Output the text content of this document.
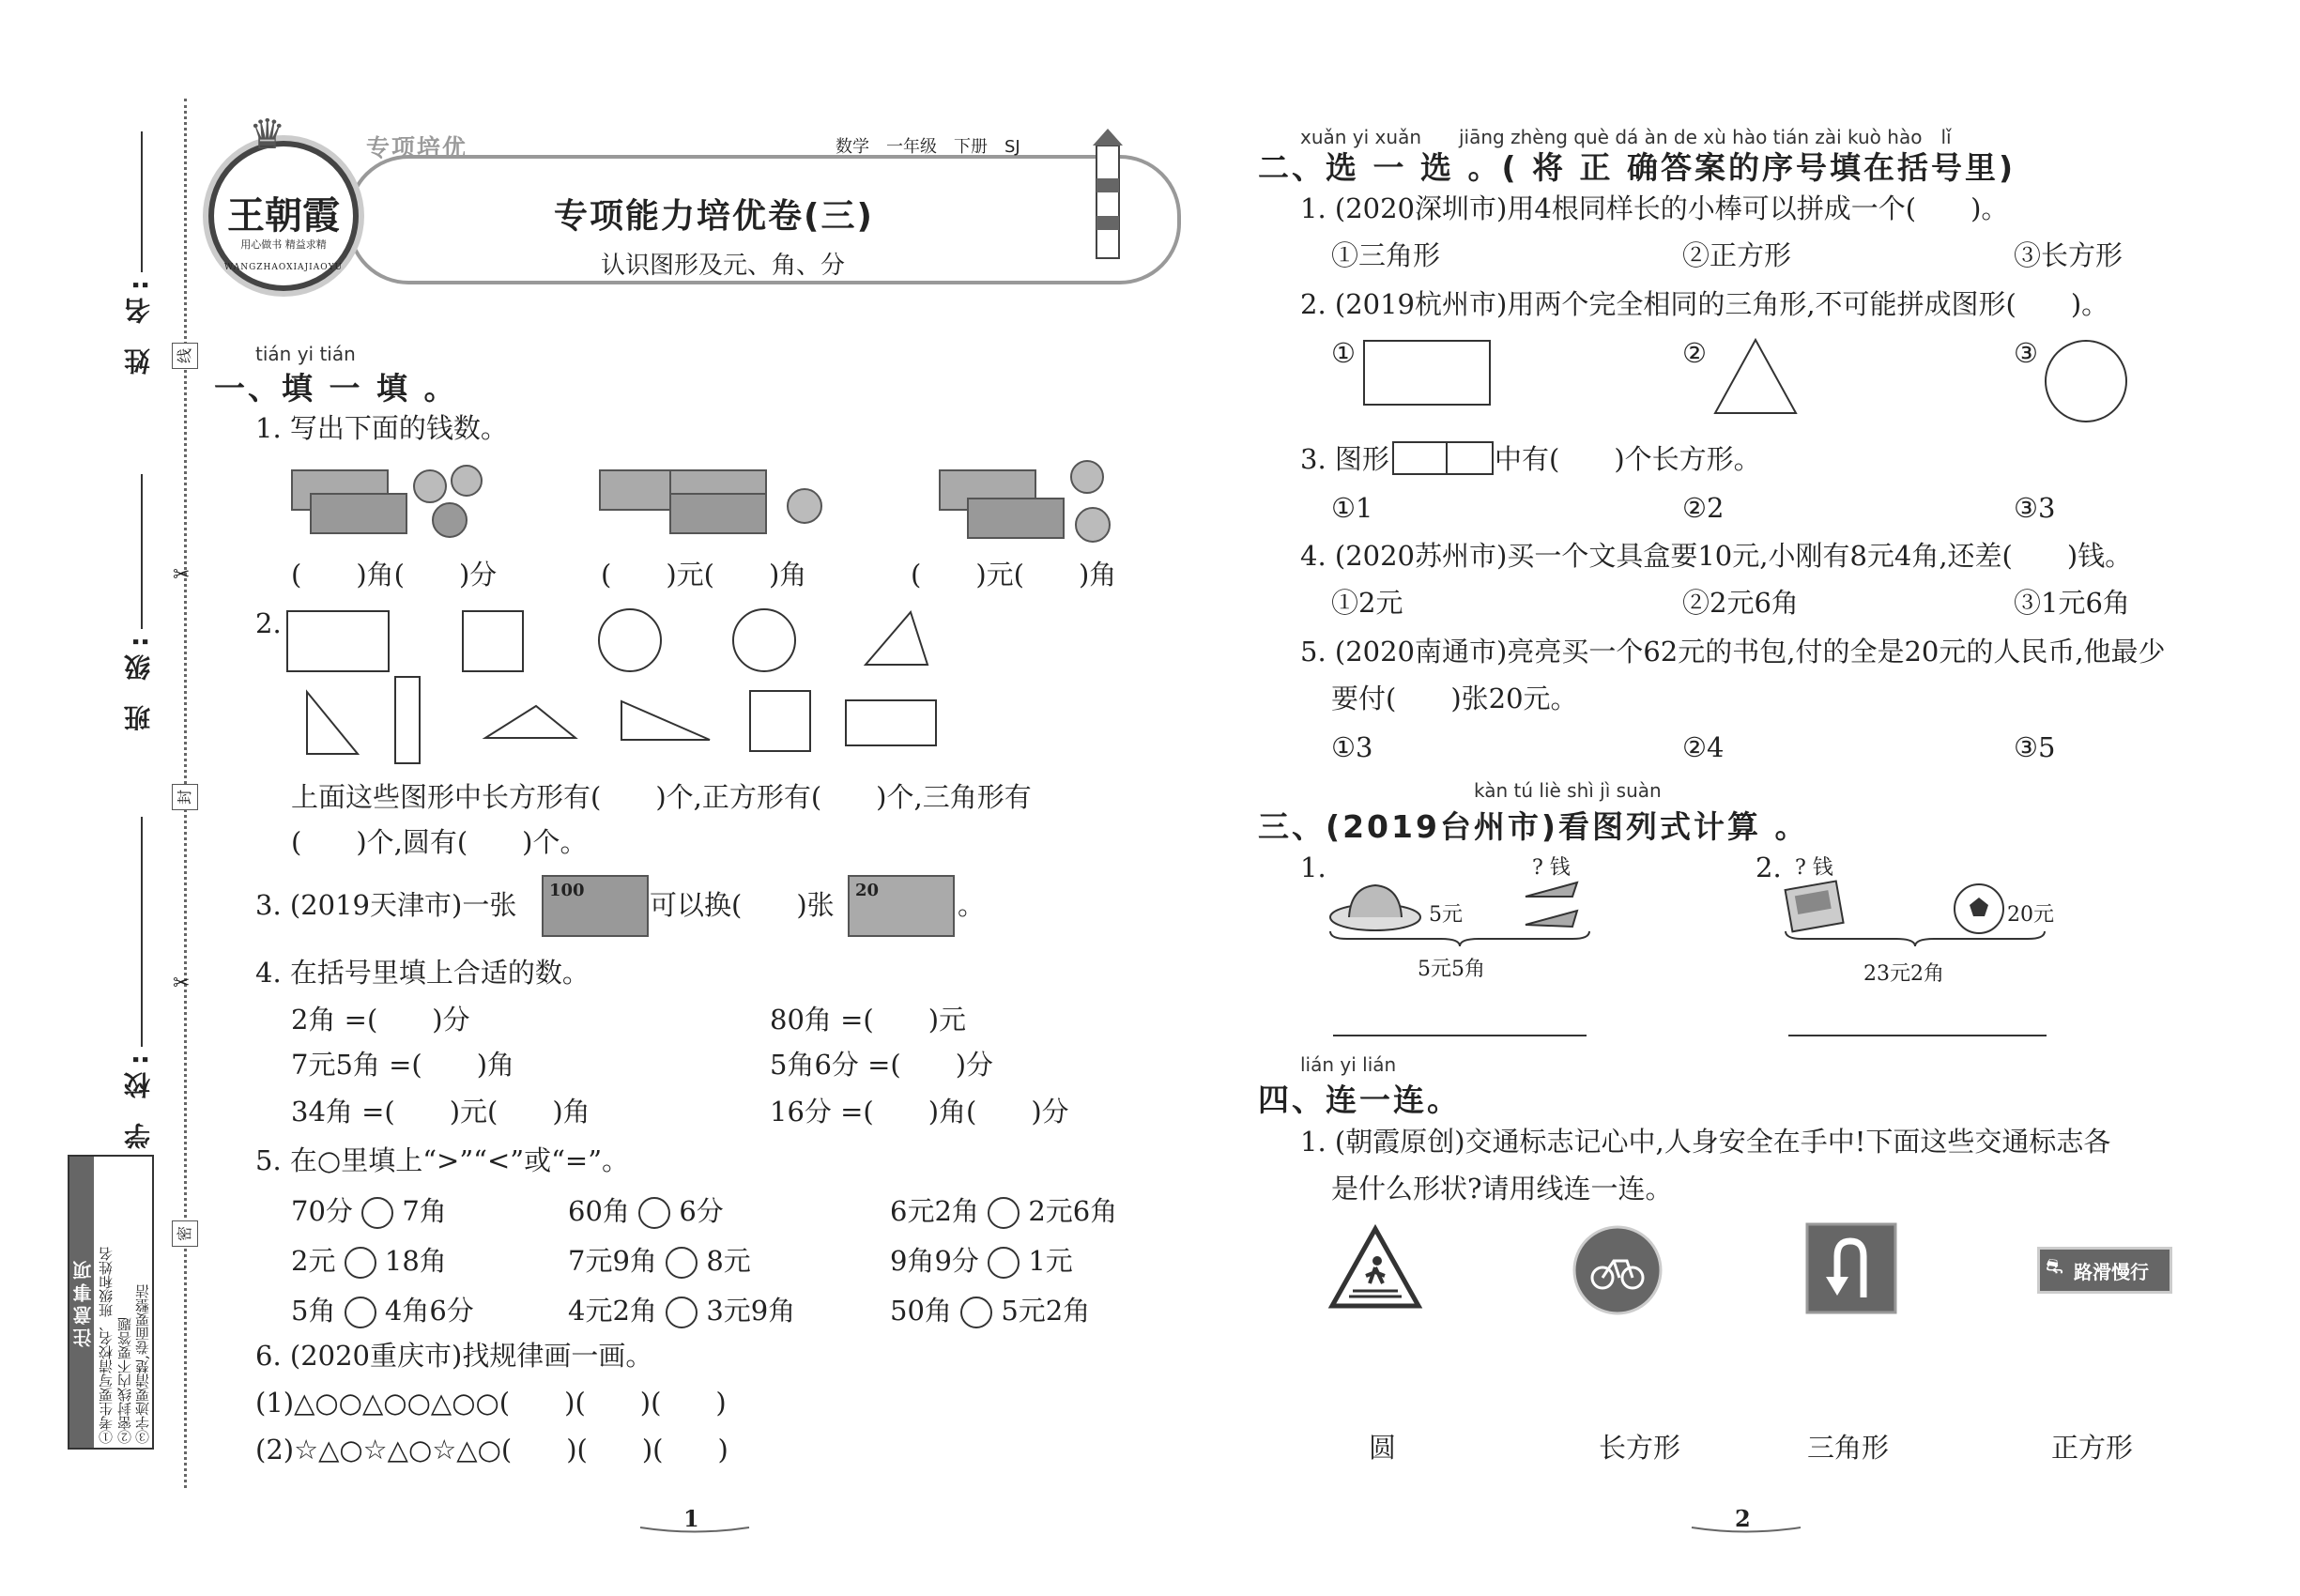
姓 名:
班 级:
学 校:
线
封
密
✂
✂
注意事项 ①考生要写清校名、班级和姓名 ②密封线内不要答题 ③字迹要清楚,卷面要整洁
王朝霞
用心做书 精益求精
WANGZHAOXIAJIAOYU
♛	专项培优	数学　一年级　下册　SJ
专项能力培优卷(三)
认识图形及元、角、分
tián yi tián
一、填 一 填 。
1. 写出下面的钱数。
(　　)角(　　)分	(　　)元(　　)角	(　　)元(　　)角
2.
上面这些图形中长方形有(　　)个,正方形有(　　)个,三角形有
(　　)个,圆有(　　)个。
3. (2019天津市)一张 100 可以换(　　)张 20	。
4. 在括号里填上合适的数。
2角 =(　　)分	80角 =(　　)元
7元5角 =(　　)角	5角6分 =(　　)分
34角 =(　　)元(　　)角	16分 =(　　)角(　　)分
5. 在○里填上“>”“<”或“=”。
70分 7角	60角 6分	6元2角 2元6角
2元 18角	7元9角 8元	9角9分 1元
5角 4角6分	4元2角 3元9角	50角 5元2角
6. (2020重庆市)找规律画一画。
(1)△○○△○○△○○(　　)(　　)(　　)
(2)☆△○☆△○☆△○(　　)(　　)(　　)
1
xuǎn yi xuǎn　　jiāng zhèng què dá àn de xù hào tián zài kuò hào　lǐ
二、选 一 选 。( 将 正 确答案的序号填在括号里)
1. (2020深圳市)用4根同样长的小棒可以拼成一个(　　)。
①三角形	②正方形	③长方形
2. (2019杭州市)用两个完全相同的三角形,不可能拼成图形(　　)。
①	②	③
3. 图形	中有(　　)个长方形。
①1	②2	③3
4. (2020苏州市)买一个文具盒要10元,小刚有8元4角,还差(　　)钱。
①2元	②2元6角	③1元6角
5. (2020南通市)亮亮买一个62元的书包,付的全是20元的人民币,他最少
要付(　　)张20元。
①3	②4	③5
kàn tú liè shì jì suàn
三、(2019台州市)看图列式计算 。
1.	? 钱
5元
5元5角
2. ? 钱
20元
23元2角
lián yi lián
四、连一连。
1. (朝霞原创)交通标志记心中,人身安全在手中!下面这些交通标志各
是什么形状?请用线连一连。
⛐ 路滑慢行
圆	长方形	三角形	正方形
2
